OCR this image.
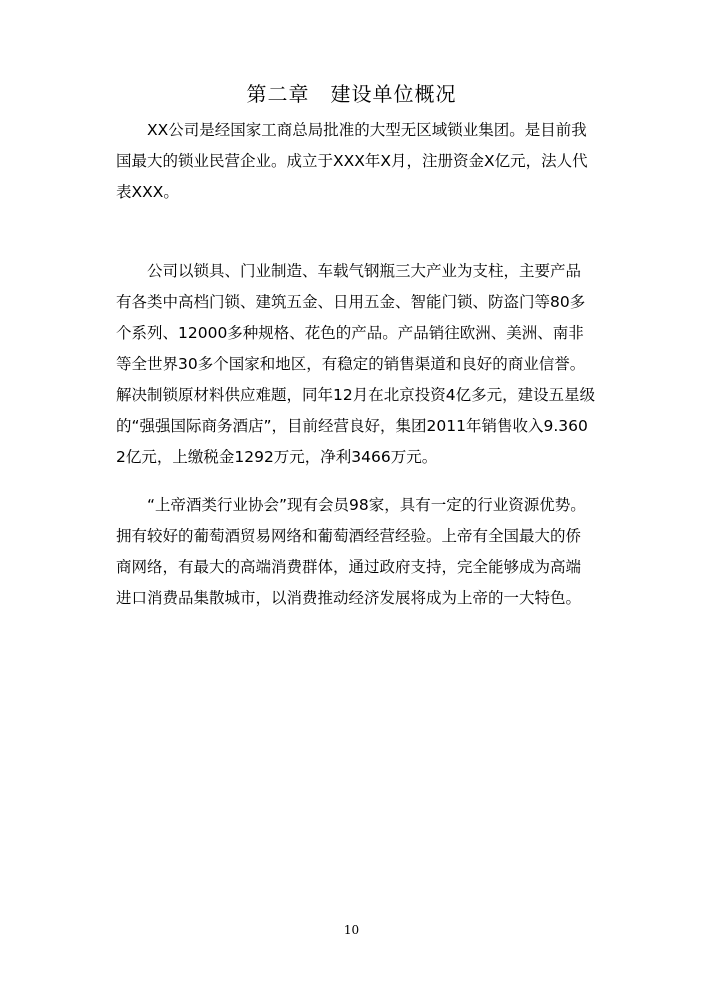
第二章　建设单位概况

XX公司是经国家工商总局批准的大型无区域锁业集团。是目前我国最大的锁业民营企业。成立于XXX年X月，注册资金X亿元，法人代表XXX。

公司以锁具、门业制造、车载气钢瓶三大产业为支柱，主要产品有各类中高档门锁、建筑五金、日用五金、智能门锁、防盗门等80多个系列、12000多种规格、花色的产品。产品销往欧洲、美洲、南非等全世界30多个国家和地区，有稳定的销售渠道和良好的商业信誉。解决制锁原材料供应难题，同年12月在北京投资4亿多元，建设五星级的“强强国际商务酒店”，目前经营良好，集团2011年销售收入9.3602亿元，上缴税金1292万元，净利3466万元。

“上帝酒类行业协会”现有会员98家，具有一定的行业资源优势。拥有较好的葡萄酒贸易网络和葡萄酒经营经验。上帝有全国最大的侨商网络，有最大的高端消费群体，通过政府支持，完全能够成为高端进口消费品集散城市，以消费推动经济发展将成为上帝的一大特色。

10
